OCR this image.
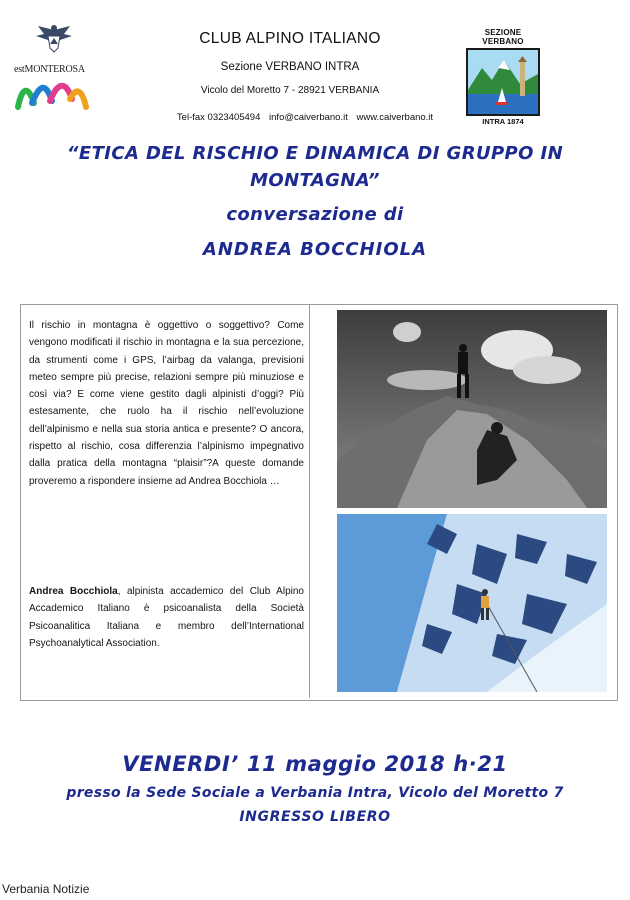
estMONTEROSA
CLUB ALPINO ITALIANO
Sezione VERBANO INTRA
Vicolo del Moretto 7 - 28921 VERBANIA
Tel-fax 0323405494 info@caiverbano.it www.caiverbano.it
SEZIONE VERBANO
INTRA 1874
“ETICA DEL RISCHIO E DINAMICA DI GRUPPO IN
MONTAGNA”
conversazione di
ANDREA BOCCHIOLA
Il rischio in montagna è oggettivo o soggettivo? Come vengono modificati il rischio in montagna e la sua percezione, da strumenti come i GPS, l’airbag da valanga, previsioni meteo sempre più precise, relazioni sempre più minuziose e così via? E come viene gestito dagli alpinisti d’oggi? Più estesamente, che ruolo ha il rischio nell’evoluzione dell’alpinismo e nella sua storia antica e presente? O ancora, rispetto al rischio, cosa differenzia l’alpinismo impegnativo dalla pratica della montagna “plaisir”?A queste domande proveremo a rispondere insieme ad Andrea Bocchiola …
Andrea Bocchiola, alpinista accademico del Club Alpino Accademico Italiano è psicoanalista della Società Psicoanalitica Italiana e membro dell’International Psychoanalytical Association.
VENERDI’ 11 maggio 2018 h·21
presso la Sede Sociale a Verbania Intra, Vicolo del Moretto 7
INGRESSO LIBERO
Verbania Notizie
